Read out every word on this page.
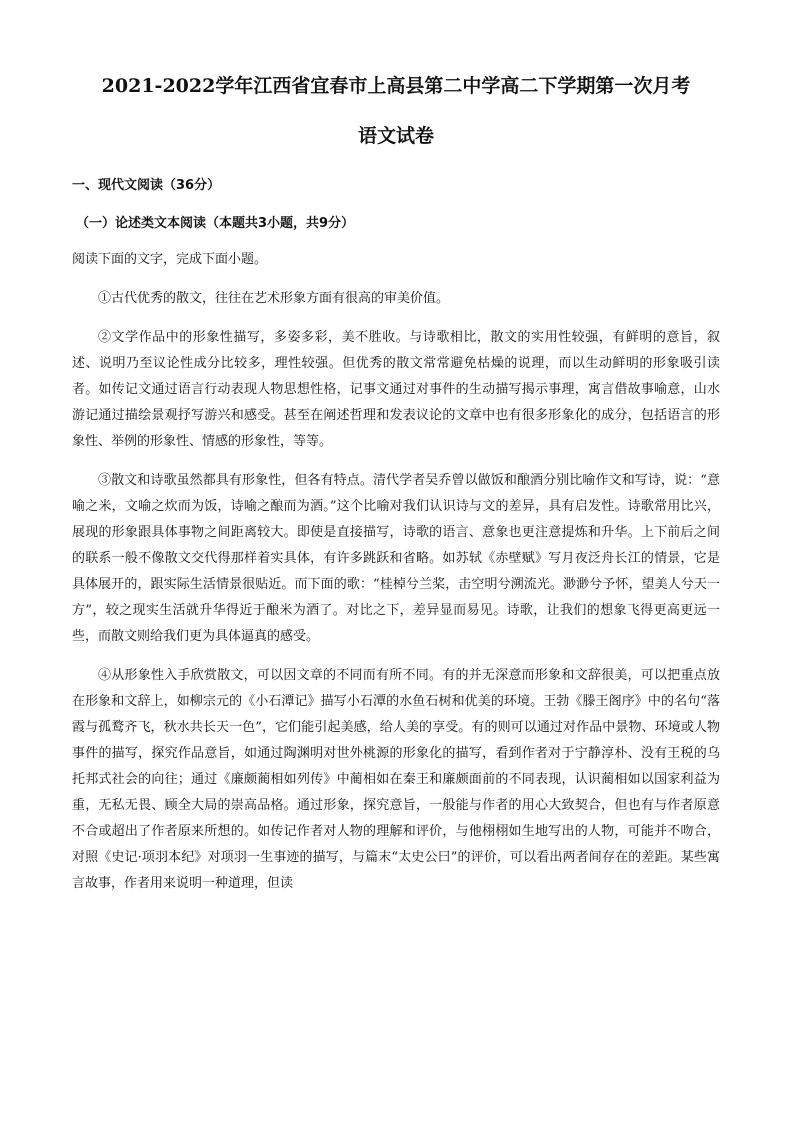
2021-2022学年江西省宜春市上高县第二中学高二下学期第一次月考
语文试卷
一、现代文阅读（36分）
（一）论述类文本阅读（本题共3小题，共9分）
阅读下面的文字，完成下面小题。

①古代优秀的散文，往往在艺术形象方面有很高的审美价值。

②文学作品中的形象性描写，多姿多彩，美不胜收。与诗歌相比，散文的实用性较强，有鲜明的意旨，叙述、说明乃至议论性成分比较多，理性较强。但优秀的散文常常避免枯燥的说理，而以生动鲜明的形象吸引读者。如传记文通过语言行动表现人物思想性格，记事文通过对事件的生动描写揭示事理，寓言借故事喻意，山水游记通过描绘景观抒写游兴和感受。甚至在阐述哲理和发表议论的文章中也有很多形象化的成分，包括语言的形象性、举例的形象性、情感的形象性，等等。

③散文和诗歌虽然都具有形象性，但各有特点。清代学者吴乔曾以做饭和酿酒分别比喻作文和写诗，说：“意喻之米，文喻之炊而为饭，诗喻之酿而为酒。”这个比喻对我们认识诗与文的差异，具有启发性。诗歌常用比兴，展现的形象跟具体事物之间距离较大。即使是直接描写，诗歌的语言、意象也更注意提炼和升华。上下前后之间的联系一般不像散文交代得那样着实具体，有许多跳跃和省略。如苏轼《赤壁赋》写月夜泛舟长江的情景，它是具体展开的，跟实际生活情景很贴近。而下面的歌：“桂棹兮兰桨，击空明兮溯流光。渺渺兮予怀，望美人兮天一方”，较之现实生活就升华得近于酿米为酒了。对比之下，差异显而易见。诗歌，让我们的想象飞得更高更远一些，而散文则给我们更为具体逼真的感受。

④从形象性入手欣赏散文，可以因文章的不同而有所不同。有的并无深意而形象和文辞很美，可以把重点放在形象和文辞上，如柳宗元的《小石潭记》描写小石潭的水鱼石树和优美的环境。王勃《滕王阁序》中的名句“落霞与孤鹜齐飞，秋水共长天一色”，它们能引起美感，给人美的享受。有的则可以通过对作品中景物、环境或人物事件的描写，探究作品意旨，如通过陶渊明对世外桃源的形象化的描写，看到作者对于宁静淳朴、没有王税的乌托邦式社会的向往；通过《廉颇蔺相如列传》中蔺相如在秦王和廉颇面前的不同表现，认识蔺相如以国家利益为重，无私无畏、顾全大局的崇高品格。通过形象，探究意旨，一般能与作者的用心大致契合，但也有与作者原意不合或超出了作者原来所想的。如传记作者对人物的理解和评价，与他栩栩如生地写出的人物，可能并不吻合，对照《史记·项羽本纪》对项羽一生事迹的描写，与篇末“太史公曰”的评价，可以看出两者间存在的差距。某些寓言故事，作者用来说明一种道理，但读
